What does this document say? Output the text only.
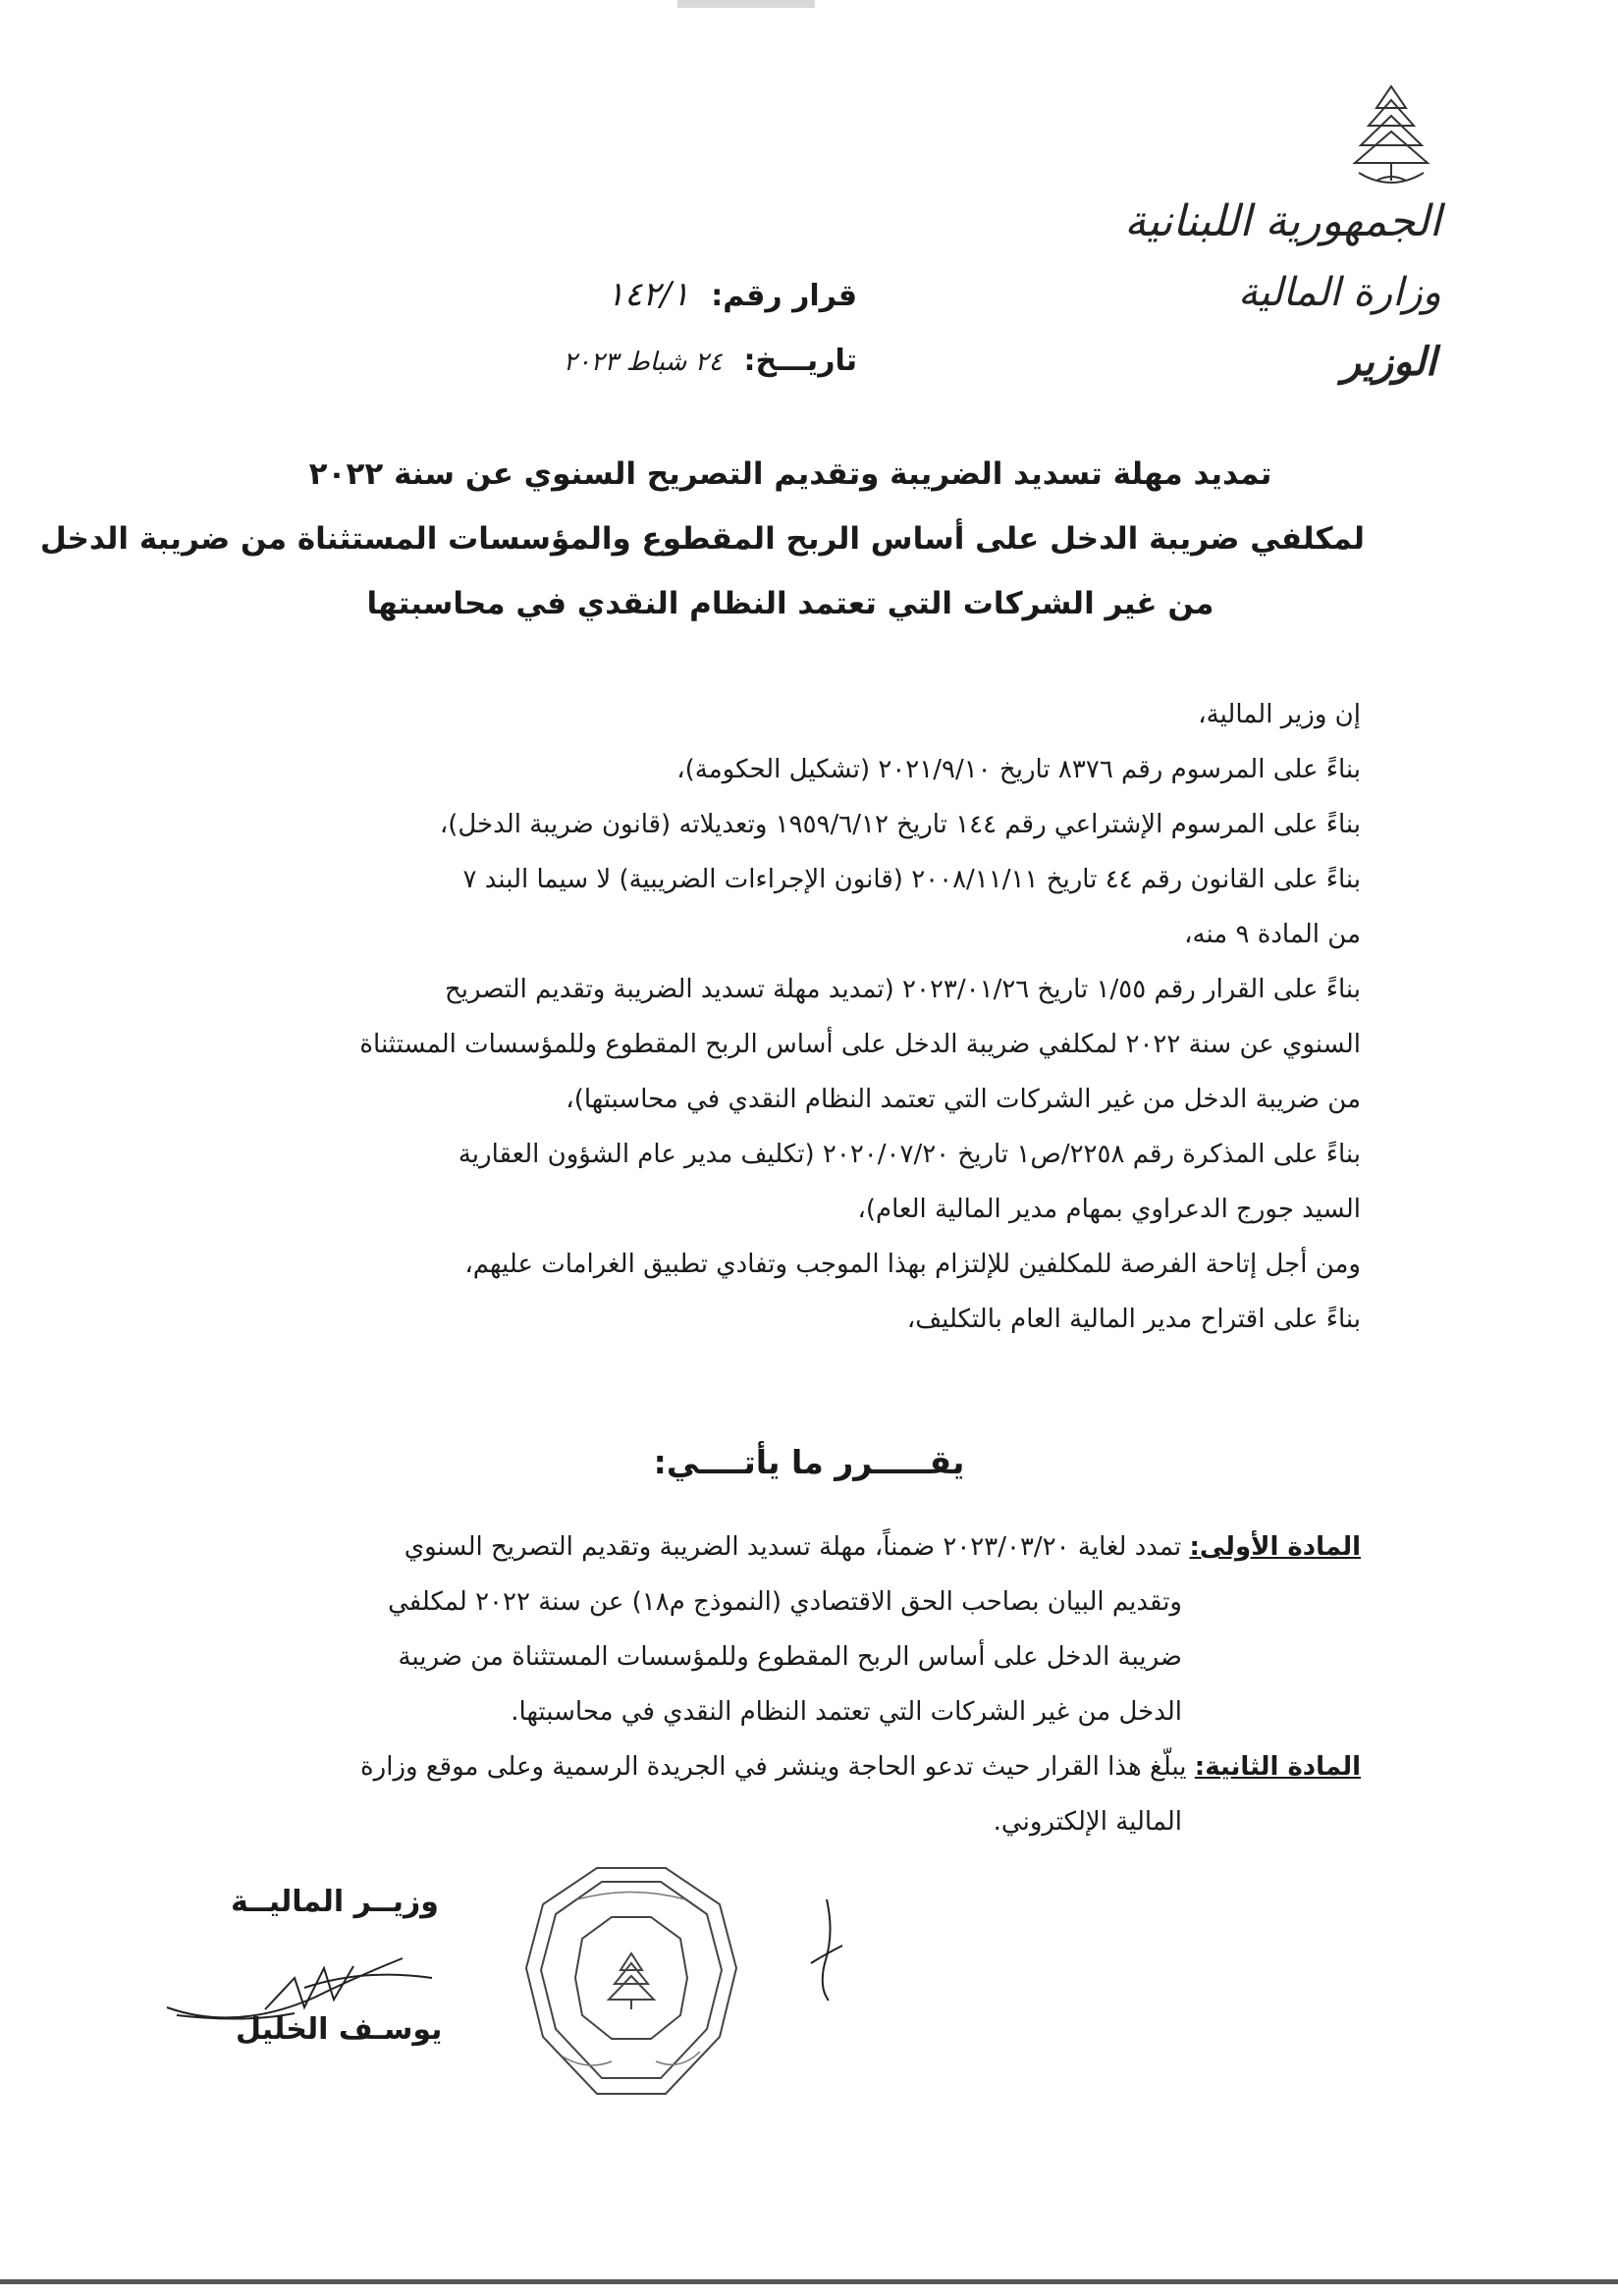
الجمهورية اللبنانية
وزارة المالية
الوزير
قرار رقم:
١٤٢/١
تاريـــخ:
٢٤ شباط ٢٠٢٣
تمديد مهلة تسديد الضريبة وتقديم التصريح السنوي عن سنة ٢٠٢٢
لمكلفي ضريبة الدخل على أساس الربح المقطوع والمؤسسات المستثناة من ضريبة الدخل
من غير الشركات التي تعتمد النظام النقدي في محاسبتها

إن وزير المالية،

بناءً على المرسوم رقم ٨٣٧٦ تاريخ ٢٠٢١/٩/١٠ (تشكيل الحكومة)،

بناءً على المرسوم الإشتراعي رقم ١٤٤ تاريخ ١٩٥٩/٦/١٢ وتعديلاته (قانون ضريبة الدخل)،

بناءً على القانون رقم ٤٤ تاريخ ٢٠٠٨/١١/١١ (قانون الإجراءات الضريبية) لا سيما البند ٧

من المادة ٩ منه،

بناءً على القرار رقم ١/٥٥ تاريخ ٢٠٢٣/٠١/٢٦ (تمديد مهلة تسديد الضريبة وتقديم التصريح

السنوي عن سنة ٢٠٢٢ لمكلفي ضريبة الدخل على أساس الربح المقطوع وللمؤسسات المستثناة

من ضريبة الدخل من غير الشركات التي تعتمد النظام النقدي في محاسبتها)،

بناءً على المذكرة رقم ٢٢٥٨/ص١ تاريخ ٢٠٢٠/٠٧/٢٠ (تكليف مدير عام الشؤون العقارية

السيد جورج الدعراوي بمهام مدير المالية العام)،

ومن أجل إتاحة الفرصة للمكلفين للإلتزام بهذا الموجب وتفادي تطبيق الغرامات عليهم،

بناءً على اقتراح مدير المالية العام بالتكليف،

يقـــــرر ما يأتــــي:
المادة الأولى: تمدد لغاية ٢٠٢٣/٠٣/٢٠ ضمناً، مهلة تسديد الضريبة وتقديم التصريح السنوي
وتقديم البيان بصاحب الحق الاقتصادي (النموذج م١٨) عن سنة ٢٠٢٢ لمكلفي
ضريبة الدخل على أساس الربح المقطوع وللمؤسسات المستثناة من ضريبة
الدخل من غير الشركات التي تعتمد النظام النقدي في محاسبتها.
المادة الثانية: يبلّغ هذا القرار حيث تدعو الحاجة وينشر في الجريدة الرسمية وعلى موقع وزارة
المالية الإلكتروني.
وزيــر الماليــة
يوسـف الخليل
